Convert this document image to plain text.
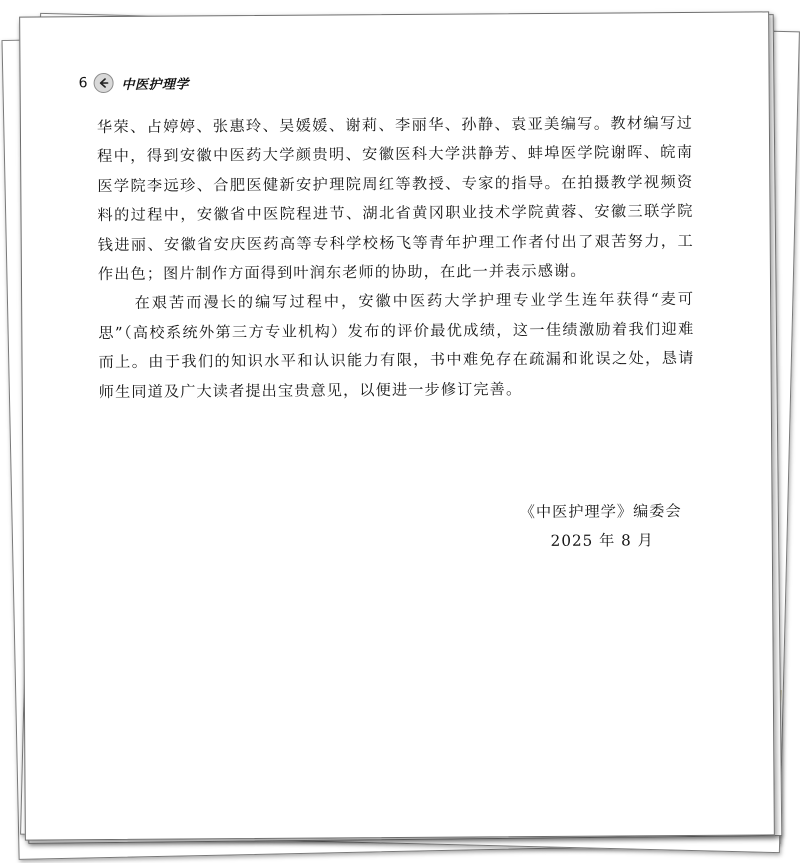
6	中医护理学

华荣、占婷婷、张惠玲、吴媛媛、谢莉、李丽华、孙静、袁亚美编写。教材编写过程中，得到安徽中医药大学颜贵明、安徽医科大学洪静芳、蚌埠医学院谢晖、皖南医学院李远珍、合肥医健新安护理院周红等教授、专家的指导。在拍摄教学视频资料的过程中，安徽省中医院程进节、湖北省黄冈职业技术学院黄蓉、安徽三联学院钱进丽、安徽省安庆医药高等专科学校杨飞等青年护理工作者付出了艰苦努力，工作出色；图片制作方面得到叶润东老师的协助，在此一并表示感谢。

在艰苦而漫长的编写过程中，安徽中医药大学护理专业学生连年获得“麦可思”（高校系统外第三方专业机构）发布的评价最优成绩，这一佳绩激励着我们迎难而上。由于我们的知识水平和认识能力有限，书中难免存在疏漏和讹误之处，恳请师生同道及广大读者提出宝贵意见，以便进一步修订完善。

《中医护理学》编委会
2025 年 8 月
